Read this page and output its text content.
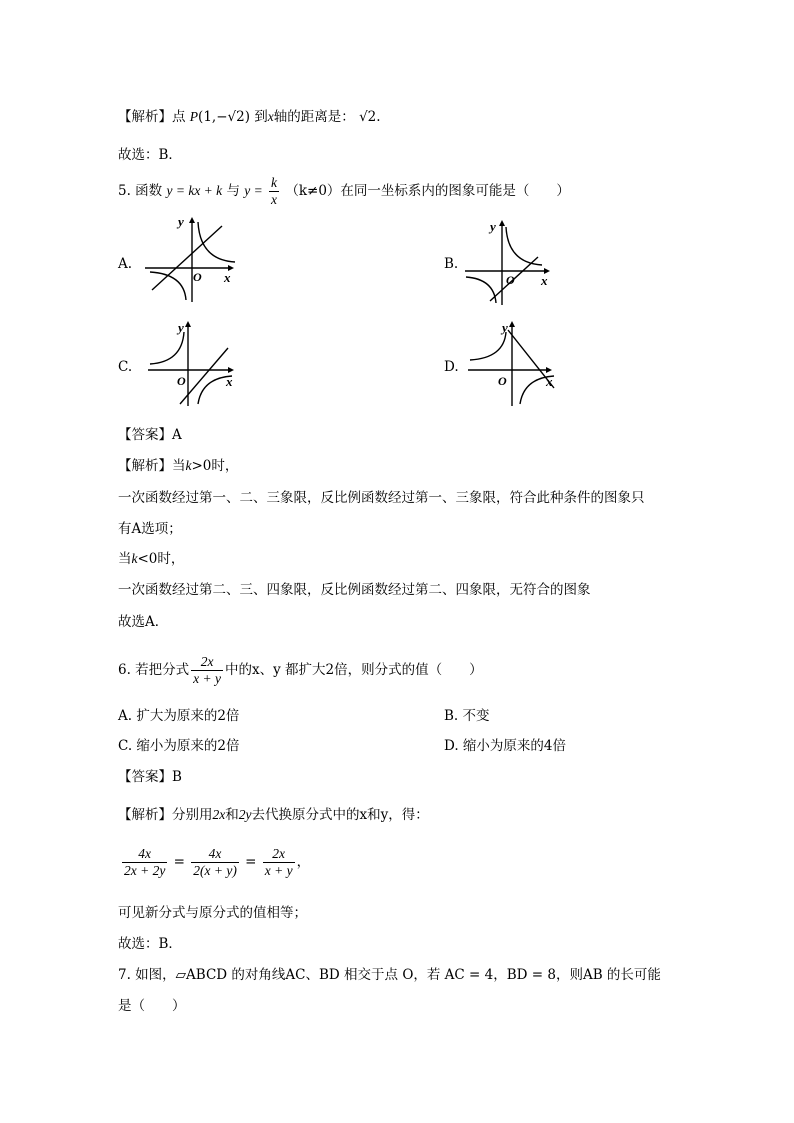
【解析】点 P(1,−√2) 到x轴的距离是： √2.
故选：B．
5. 函数 y = kx + k 与 $y = \frac{k}{x} (k\ne 0)$在同一坐标系内的图象可能是（　　）
A.	B.
C.	D.
y
x
O
y
x
O
y
x
O
y
x
O
【答案】A
【解析】当k>0时，
一次函数经过第一、二、三象限，反比例函数经过第一、三象限，符合此种条件的图象只
有A选项；
当k<0时，
一次函数经过第二、三、四象限，反比例函数经过第二、四象限，无符合的图象
故选A．
6. 若把分式 $\frac{2x}{x + y}$ 中的x、y 都扩大2倍，则分式的值（　　）
A. 扩大为原来的2倍	B. 不变
C. 缩小为原来的2倍	D. 缩小为原来的4倍
【答案】B
【解析】分别用2x和2y去代换原分式中的x和y，得：
$\frac{4x}{2x + 2y} = \frac{4x}{2(x + y)} = \frac{2x}{x + y}$ ，
可见新分式与原分式的值相等；
故选：B．
7. 如图，▱ABCD 的对角线AC、BD 相交于点 O，若 AC = 4，BD = 8，则AB 的长可能
是（　　）
